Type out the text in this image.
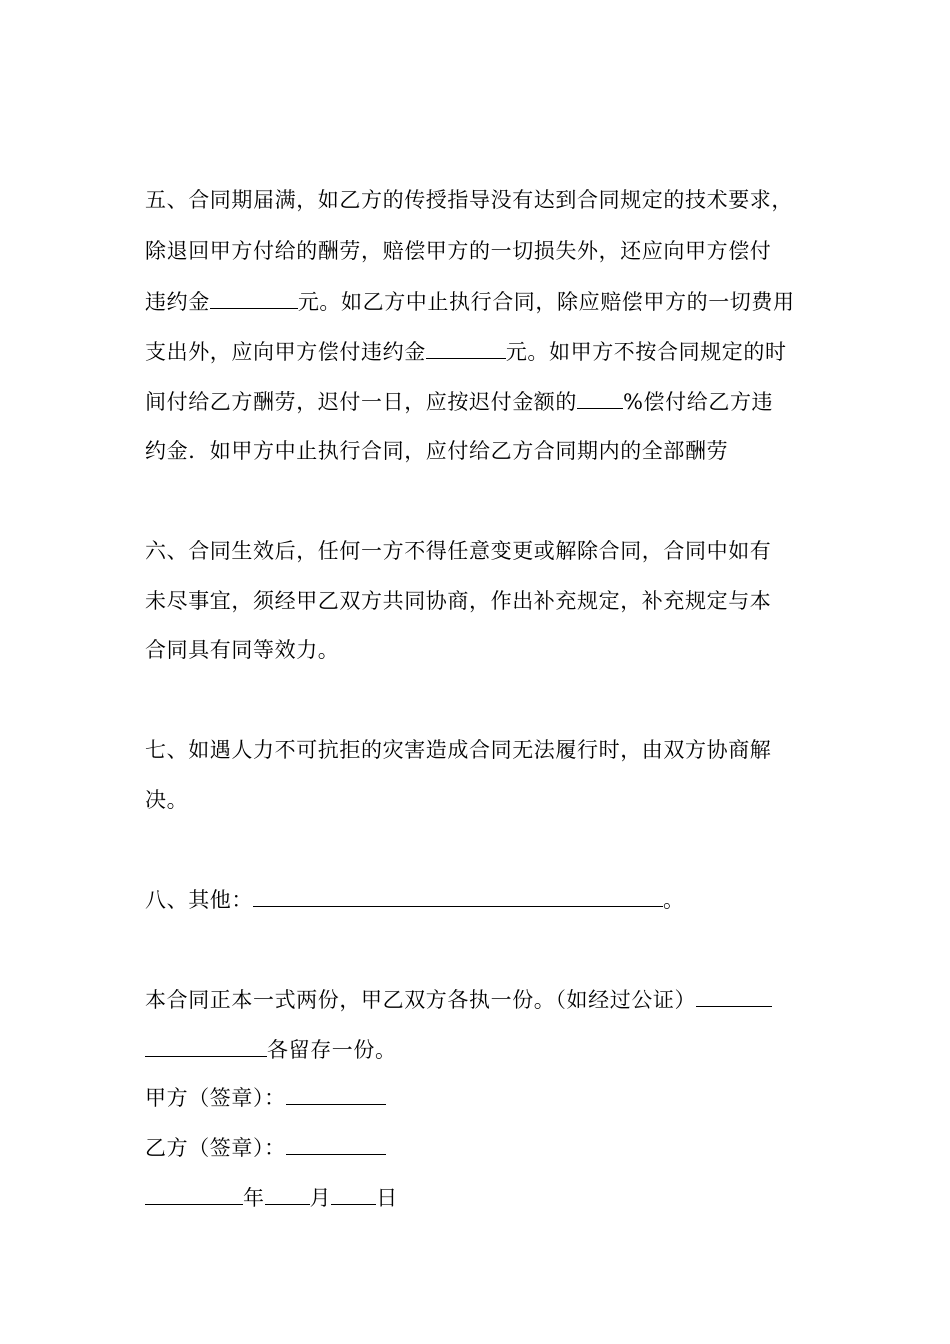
五、合同期届满，如乙方的传授指导没有达到合同规定的技术要求，
除退回甲方付给的酬劳，赔偿甲方的一切损失外，还应向甲方偿付
违约金	元。如乙方中止执行合同，除应赔偿甲方的一切费用
支出外，应向甲方偿付违约金	元。如甲方不按合同规定的时
间付给乙方酬劳，迟付一日，应按迟付金额的 %偿付给乙方违
约金．如甲方中止执行合同，应付给乙方合同期内的全部酬劳
六、合同生效后，任何一方不得任意变更或解除合同，合同中如有
未尽事宜，须经甲乙双方共同协商，作出补充规定，补充规定与本
合同具有同等效力。
七、如遇人力不可抗拒的灾害造成合同无法履行时，由双方协商解
决。
八、其他：	。
本合同正本一式两份，甲乙双方各执一份。（如经过公证）
各留存一份。
甲方（签章）：
乙方（签章）：
年 月 日
